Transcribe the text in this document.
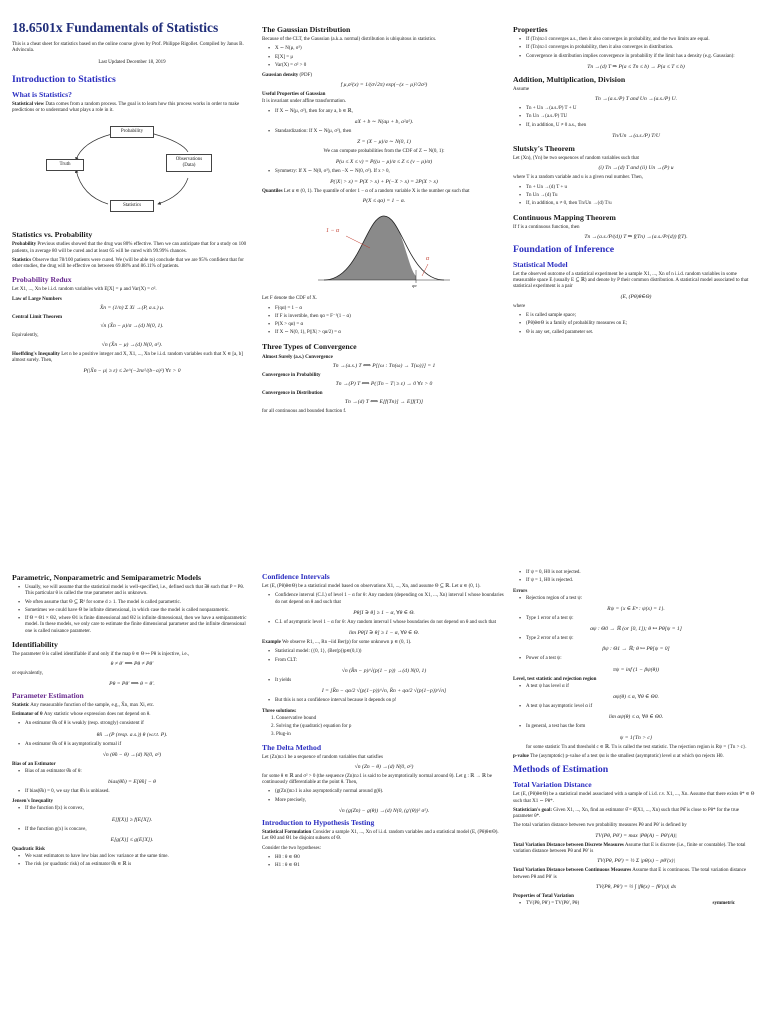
18.6501x Fundamentals of Statistics
This is a cheat sheet for statistics based on the online course given by Prof. Philippe Rigollet. Compiled by Janus B. Advincula.
Last Updated December 18, 2019
Introduction to Statistics
What is Statistics?
Statistical view Data comes from a random process. The goal is to learn how this process works in order to make predictions or to understand what plays a role in it.
Probability
Truth
Observations (Data)
Statistics
Statistics vs. Probability
Probability Previous studies showed that the drug was 80% effective. Then we can anticipate that for a study on 100 patients, in average 80 will be cured and at least 65 will be cured with 99.99% chances.
Statistics Observe that 78/100 patients were cured. We (will be able to) conclude that we are 95% confident that for other studies, the drug will be effective on between 69.88% and 86.11% of patients.
Probability Redux
Let X1, ..., Xn be i.i.d. random variables with E[X] = μ and Var(X) = σ².
Law of Large Numbers
X̄n = (1/n) Σ Xi →(P, a.s.) μ.
Central Limit Theorem
√n (X̄n − μ)/σ →(d) N(0, 1).
Equivalently,
√n (X̄n − μ) →(d) N(0, σ²).
Hoeffding's Inequality Let n be a positive integer and X, X1, ..., Xn be i.i.d. random variables such that X ∈ [a, b] almost surely. Then,
P(|X̄n − μ| ≥ ε) ≤ 2e^(−2nε²/(b−a)²) ∀ε > 0
The Gaussian Distribution
Because of the CLT, the Gaussian (a.k.a. normal) distribution is ubiquitous in statistics.
• X ∼ N(μ, σ²)
• E[X] = μ
• Var(X) = σ² > 0
Gaussian density (PDF)
f μ,σ²(x) = 1/(σ√2π) exp(−(x − μ)²/2σ²)
Useful Properties of Gaussian
It is invariant under affine transformation.
• If X ∼ N(μ, σ²), then for any a, b ∈ ℝ,
aX + b ∼ N(aμ + b, a²σ²).
• Standardization: If X ∼ N(μ, σ²), then
Z = (X − μ)/σ ∼ N(0, 1)
We can compute probabilities from the CDF of Z ∼ N(0, 1):
P(u ≤ X ≤ v) = P((u − μ)/σ ≤ Z ≤ (v − μ)/σ)
• Symmetry: If X ∼ N(0, σ²), then −X ∼ N(0, σ²). If x > 0,
P(|X| > x) = P(X > x) + P(−X > x) = 2P(X > x)
Quantiles Let α ∈ (0, 1). The quantile of order 1 − α of a random variable X is the number qα such that
P(X ≤ qα) = 1 − α.
1 − α
α
qα
Let F denote the CDF of X.
• F(qα) = 1 − α
• If F is invertible, then qα = F⁻¹(1 − α)
• P(X > qα) = α
• If X ∼ N(0, 1), P(|X| > qα/2) = α
Three Types of Convergence
Almost Surely (a.s.) Convergence
Tn →(a.s.) T ⟺ P[{ω : Tn(ω) → T(ω)}] = 1
Convergence in Probability
Tn →(P) T ⟺ P(|Tn − T| ≥ ε) → 0 ∀ε > 0
Convergence in Distribution
Tn →(d) T ⟺ E[f(Tn)] → E[f(T)]
for all continuous and bounded function f.
Properties
• If (Tn)n≥1 converges a.s., then it also converges in probability, and the two limits are equal.
• If (Tn)n≥1 converges in probability, then it also converges in distribution.
• Convergence in distribution implies convergence in probability if the limit has a density (e.g. Gaussian):
Tn →(d) T ⇒ P(a ≤ Tn ≤ b) → P(a ≤ T ≤ b)
Addition, Multiplication, Division
Assume
Tn →(a.s./P) T and Un →(a.s./P) U.
• Tn + Un →(a.s./P) T + U
• Tn Un →(a.s./P) TU
• If, in addition, U ≠ 0 a.s., then
Tn/Un →(a.s./P) T/U
Slutsky's Theorem
Let (Xn), (Yn) be two sequences of random variables such that
(i) Tn →(d) T and (ii) Un →(P) u
where T is a random variable and u is a given real number. Then,
• Tn + Un →(d) T + u
• Tn Un →(d) Tu
• If, in addition, u ≠ 0, then Tn/Un →(d) T/u
Continuous Mapping Theorem
If f is a continuous function, then
Tn →(a.s./P/(d)) T ⇒ f(Tn) →(a.s./P/(d)) f(T).
Foundation of Inference
Statistical Model
Let the observed outcome of a statistical experiment be a sample X1, ..., Xn of n i.i.d. random variables in some measurable space E (usually E ⊆ ℝ) and denote by P their common distribution. A statistical model associated to that statistical experiment is a pair
(E, (Pθ)θ∈Θ)
where
• E is called sample space;
• (Pθ)θ∈Θ is a family of probability measures on E;
• Θ is any set, called parameter set.
Parametric, Nonparametric and Semiparametric Models
• Usually, we will assume that the statistical model is well-specified, i.e., defined such that ∃θ such that P = Pθ. This particular θ is called the true parameter and is unknown.
• We often assume that Θ ⊆ ℝᵈ for some d ≥ 1. The model is called parametric.
• Sometimes we could have Θ be infinite dimensional, in which case the model is called nonparametric.
• If Θ = Θ1 × Θ2, where Θ1 is finite dimensional and Θ2 is infinite dimensional, then we have a semiparametric model. In these models, we only care to estimate the finite dimensional parameter and the infinite dimensional one is called nuisance parameter.
Identifiability
The parameter θ is called identifiable if and only if the map θ ∈ Θ ↦ Pθ is injective, i.e.,
θ ≠ θ′ ⟹ Pθ ≠ Pθ′
or equivalently,
Pθ = Pθ′ ⟹ θ = θ′.
Parameter Estimation
Statistic Any measurable function of the sample, e.g., X̄n, max Xi, etc.
Estimator of θ Any statistic whose expression does not depend on θ.
• An estimator θ̂n of θ is weakly (resp. strongly) consistent if
θ̂n →(P (resp. a.s.)) θ (w.r.t. P).
• An estimator θ̂n of θ is asymptotically normal if
√n (θ̂n − θ) →(d) N(0, σ²)
Bias of an Estimator
• Bias of an estimator θ̂n of θ:
bias(θ̂n) = E[θ̂n] − θ
• If bias(θ̂n) = 0, we say that θ̂n is unbiased.
Jensen's Inequality
• If the function f(x) is convex,
E[f(X)] ≥ f(E[X]).
• If the function g(x) is concave,
E[g(X)] ≤ g(E[X]).
Quadratic Risk
• We want estimators to have low bias and low variance at the same time.
• The risk (or quadratic risk) of an estimator θ̂n ∈ ℝ is
Confidence Intervals
Let (E, (Pθ)θ∈Θ) be a statistical model based on observations X1, ..., Xn, and assume Θ ⊆ ℝ. Let α ∈ (0, 1).
• Confidence interval (C.I.) of level 1 − α for θ: Any random (depending on X1, ..., Xn) interval I whose boundaries do not depend on θ and such that
Pθ[I ∋ θ] ≥ 1 − α, ∀θ ∈ Θ.
• C.I. of asymptotic level 1 − α for θ: Any random interval I whose boundaries do not depend on θ and such that
lim Pθ[I ∋ θ] ≥ 1 − α, ∀θ ∈ Θ.
Example We observe R1, ..., Rn ~iid Ber(p) for some unknown p ∈ (0, 1).
• Statistical model: ({0, 1}, (Ber(p))p∈(0,1))
• From CLT:
√n (R̄n − p)/√(p(1 − p)) →(d) N(0, 1)
• It yields
I = [R̄n − qα/2 √(p(1−p))/√n, R̄n + qα/2 √(p(1−p))/√n]
• But this is not a confidence interval because it depends on p!
Three solutions:
1. Conservative bound
2. Solving the (quadratic) equation for p
3. Plug-in
The Delta Method
Let (Zn)n≥1 be a sequence of random variables that satisfies
√n (Zn − θ) →(d) N(0, σ²)
for some θ ∈ ℝ and σ² > 0 (the sequence (Zn)n≥1 is said to be asymptotically normal around θ). Let g : ℝ → ℝ be continuously differentiable at the point θ. Then,
• (g(Zn))n≥1 is also asymptotically normal around g(θ).
• More precisely,
√n (g(Zn) − g(θ)) →(d) N(0, (g′(θ))² σ²).
Introduction to Hypothesis Testing
Statistical Formulation Consider a sample X1, ..., Xn of i.i.d. random variables and a statistical model (E, (Pθ)θ∈Θ). Let Θ0 and Θ1 be disjoint subsets of Θ.
Consider the two hypotheses:
• H0 : θ ∈ Θ0
• H1 : θ ∈ Θ1
• If ψ = 0, H0 is not rejected.
• If ψ = 1, H0 is rejected.
Errors
• Rejection region of a test ψ:
Rψ = {x ∈ Eⁿ : ψ(x) = 1}.
• Type 1 error of a test ψ:
αψ : Θ0 → ℝ (or [0, 1]); θ ↦ Pθ[ψ = 1]
• Type 2 error of a test ψ:
βψ : Θ1 → ℝ; θ ↦ Pθ[ψ = 0]
• Power of a test ψ:
πψ = inf (1 − βψ(θ))
Level, test statistic and rejection region
• A test ψ has level α if
αψ(θ) ≤ α, ∀θ ∈ Θ0.
• A test ψ has asymptotic level α if
lim αψ(θ) ≤ α, ∀θ ∈ Θ0.
• In general, a test has the form
ψ = 1{Tn > c}
for some statistic Tn and threshold c ∈ ℝ. Tn is called the test statistic. The rejection region is Rψ = {Tn > c}.
p-value The (asymptotic) p-value of a test ψα is the smallest (asymptotic) level α at which ψα rejects H0.
Methods of Estimation
Total Variation Distance
Let (E, (Pθ)θ∈Θ) be a statistical model associated with a sample of i.i.d. r.v. X1, ..., Xn. Assume that there exists θ* ∈ Θ such that X1 ∼ Pθ*.
Statistician's goal: Given X1, ..., Xn, find an estimator θ̂ = θ̂(X1, ..., Xn) such that Pθ̂ is close to Pθ* for the true parameter θ*.
The total variation distance between two probability measures Pθ and Pθ′ is defined by
TV(Pθ, Pθ′) = max |Pθ(A) − Pθ′(A)|
Total Variation Distance between Discrete Measures Assume that E is discrete (i.e., finite or countable). The total variation distance between Pθ and Pθ′ is
TV(Pθ, Pθ′) = ½ Σ |pθ(x) − pθ′(x)|
Total Variation Distance between Continuous Measures Assume that E is continuous. The total variation distance between Pθ and Pθ′ is
TV(Pθ, Pθ′) = ½ ∫ |fθ(x) − fθ′(x)| dx
Properties of Total Variation
• TV(Pθ, Pθ′) = TV(Pθ′, Pθ)	symmetric
